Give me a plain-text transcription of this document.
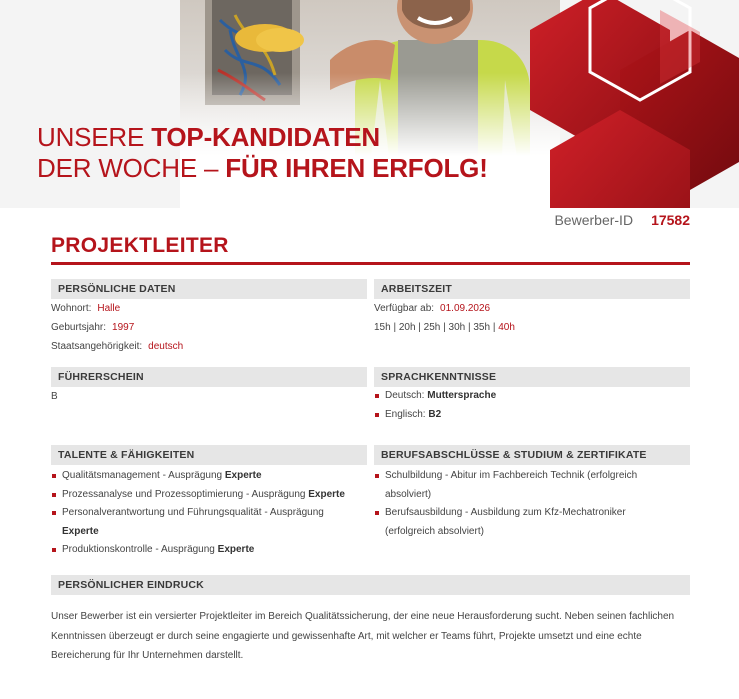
UNSERE TOP-KANDIDATEN
DER WOCHE – FÜR IHREN ERFOLG!
Bewerber-ID 17582
PROJEKTLEITER
PERSÖNLICHE DATEN
Wohnort: Halle
Geburtsjahr: 1997
Staatsangehörigkeit: deutsch
ARBEITSZEIT
Verfügbar ab: 01.09.2026
15h | 20h | 25h | 30h | 35h | 40h
FÜHRERSCHEIN
B
SPRACHKENNTNISSE
Deutsch: Muttersprache
Englisch: B2
TALENTE & FÄHIGKEITEN
Qualitätsmanagement - Ausprägung Experte
Prozessanalyse und Prozessoptimierung - Ausprägung Experte
Personalverantwortung und Führungsqualität - Ausprägung Experte
Produktionskontrolle - Ausprägung Experte
BERUFSABSCHLÜSSE & STUDIUM & ZERTIFIKATE
Schulbildung - Abitur im Fachbereich Technik (erfolgreich absolviert)
Berufsausbildung - Ausbildung zum Kfz-Mechatroniker (erfolgreich absolviert)
PERSÖNLICHER EINDRUCK
Unser Bewerber ist ein versierter Projektleiter im Bereich Qualitätssicherung, der eine neue Herausforderung sucht. Neben seinen fachlichen Kenntnissen überzeugt er durch seine engagierte und gewissenhafte Art, mit welcher er Teams führt, Projekte umsetzt und eine echte Bereicherung für Ihr Unternehmen darstellt.
